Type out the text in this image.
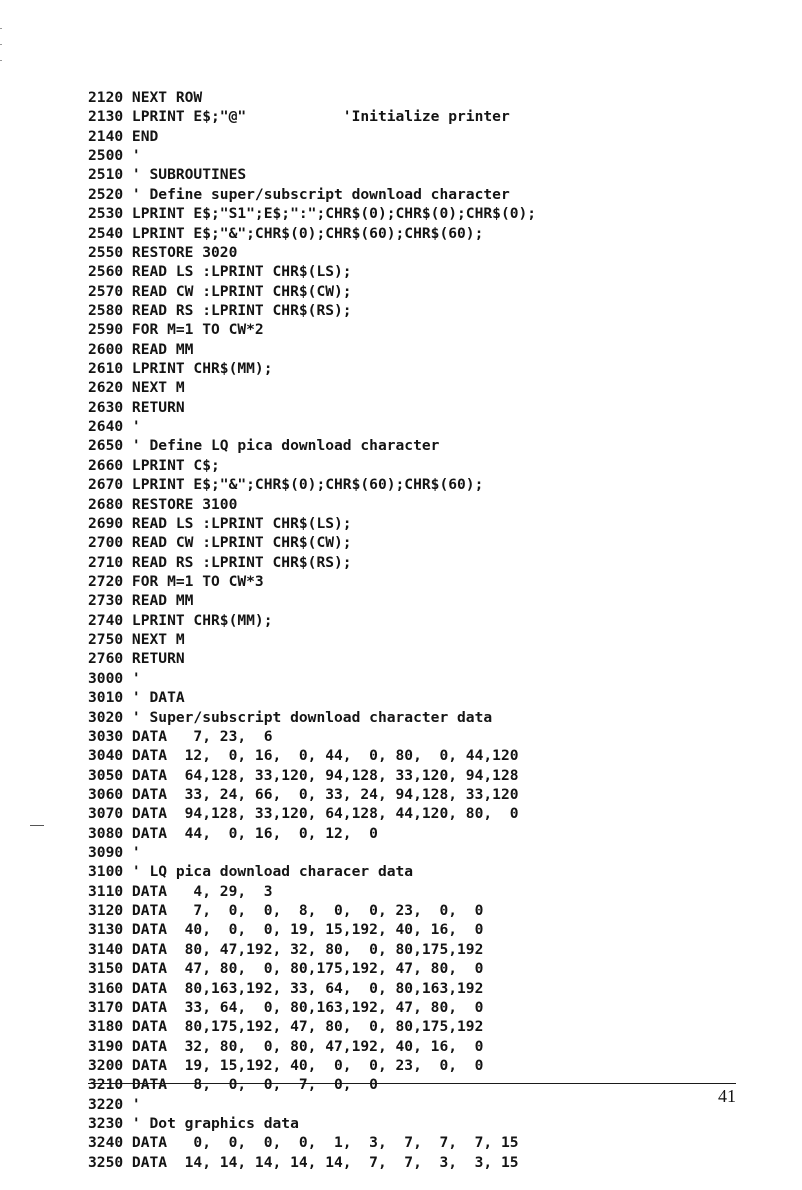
2120 NEXT ROW
2130 LPRINT E$;"@"           'Initialize printer
2140 END
2500 '
2510 ' SUBROUTINES
2520 ' Define super/subscript download character
2530 LPRINT E$;"S1";E$;":";CHR$(0);CHR$(0);CHR$(0);
2540 LPRINT E$;"&";CHR$(0);CHR$(60);CHR$(60);
2550 RESTORE 3020
2560 READ LS :LPRINT CHR$(LS);
2570 READ CW :LPRINT CHR$(CW);
2580 READ RS :LPRINT CHR$(RS);
2590 FOR M=1 TO CW*2
2600 READ MM
2610 LPRINT CHR$(MM);
2620 NEXT M
2630 RETURN
2640 '
2650 ' Define LQ pica download character
2660 LPRINT C$;
2670 LPRINT E$;"&";CHR$(0);CHR$(60);CHR$(60);
2680 RESTORE 3100
2690 READ LS :LPRINT CHR$(LS);
2700 READ CW :LPRINT CHR$(CW);
2710 READ RS :LPRINT CHR$(RS);
2720 FOR M=1 TO CW*3
2730 READ MM
2740 LPRINT CHR$(MM);
2750 NEXT M
2760 RETURN
3000 '
3010 ' DATA
3020 ' Super/subscript download character data
3030 DATA   7, 23,  6
3040 DATA  12,  0, 16,  0, 44,  0, 80,  0, 44,120
3050 DATA  64,128, 33,120, 94,128, 33,120, 94,128
3060 DATA  33, 24, 66,  0, 33, 24, 94,128, 33,120
3070 DATA  94,128, 33,120, 64,128, 44,120, 80,  0
3080 DATA  44,  0, 16,  0, 12,  0
3090 '
3100 ' LQ pica download characer data
3110 DATA   4, 29,  3
3120 DATA   7,  0,  0,  8,  0,  0, 23,  0,  0
3130 DATA  40,  0,  0, 19, 15,192, 40, 16,  0
3140 DATA  80, 47,192, 32, 80,  0, 80,175,192
3150 DATA  47, 80,  0, 80,175,192, 47, 80,  0
3160 DATA  80,163,192, 33, 64,  0, 80,163,192
3170 DATA  33, 64,  0, 80,163,192, 47, 80,  0
3180 DATA  80,175,192, 47, 80,  0, 80,175,192
3190 DATA  32, 80,  0, 80, 47,192, 40, 16,  0
3200 DATA  19, 15,192, 40,  0,  0, 23,  0,  0
3210 DATA   8,  0,  0,  7,  0,  0
3220 '
3230 ' Dot graphics data
3240 DATA   0,  0,  0,  0,  1,  3,  7,  7,  7, 15
3250 DATA  14, 14, 14, 14, 14,  7,  7,  3,  3, 15
41
